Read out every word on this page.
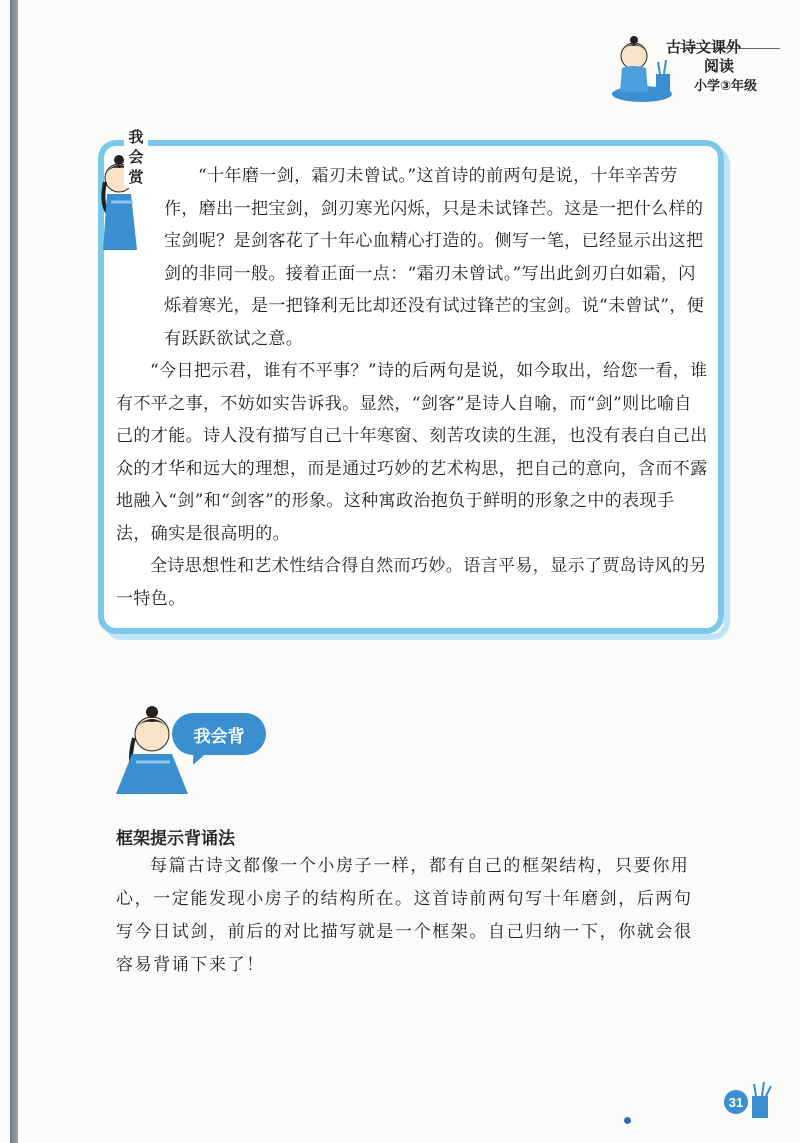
古诗文课外
阅读
小学③年级
我
会
赏	“十年磨一剑，霜刃未曾试。”这首诗的前两句是说，十年辛苦劳作，磨出一把宝剑，剑刃寒光闪烁，只是未试锋芒。这是一把什么样的宝剑呢？是剑客花了十年心血精心打造的。侧写一笔，已经显示出这把剑的非同一般。接着正面一点：“霜刃未曾试。”写出此剑刃白如霜，闪烁着寒光，是一把锋利无比却还没有试过锋芒的宝剑。说“未曾试”，便有跃跃欲试之意。
“今日把示君，谁有不平事？”诗的后两句是说，如今取出，给您一看，谁有不平之事，不妨如实告诉我。显然，“剑客”是诗人自喻，而“剑”则比喻自己的才能。诗人没有描写自己十年寒窗、刻苦攻读的生涯，也没有表白自己出众的才华和远大的理想，而是通过巧妙的艺术构思，把自己的意向，含而不露地融入“剑”和“剑客”的形象。这种寓政治抱负于鲜明的形象之中的表现手法，确实是很高明的。
全诗思想性和艺术性结合得自然而巧妙。语言平易，显示了贾岛诗风的另一特色。
我会背
框架提示背诵法
每篇古诗文都像一个小房子一样，都有自己的框架结构，只要你用心，一定能发现小房子的结构所在。这首诗前两句写十年磨剑，后两句写今日试剑，前后的对比描写就是一个框架。自己归纳一下，你就会很容易背诵下来了！
31
